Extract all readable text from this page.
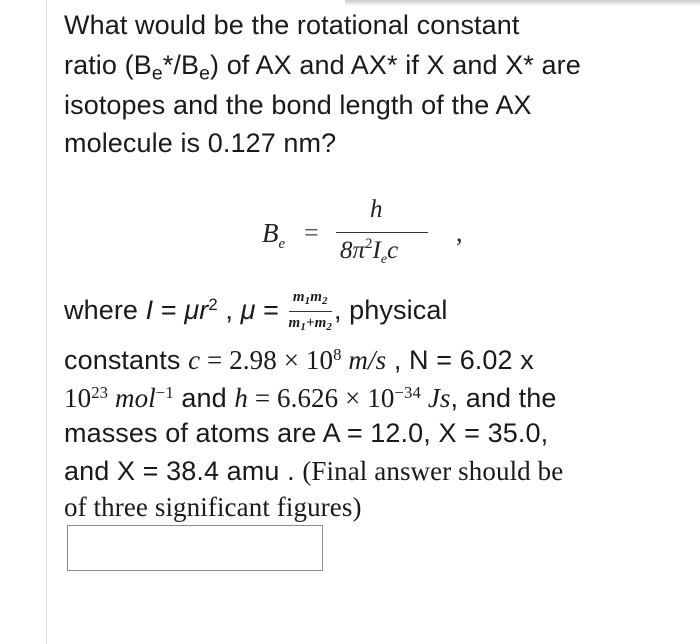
What would be the rotational constant
ratio $(B_e*/B_e)$ of AX and AX* if X and X* are
isotopes and the bond length of the AX
molecule is 0.127 nm?
$B_e$ =
h
$8\pi^2I_ec$
,
where $I = \mu r^2$ , $\mu = \frac{m_1m_2}{m_1+m_2}$ , physical
constants $c = 2.98 \times 10^8$ m/s , N = 6.02 x
$10^{23}$ mol$^{-1}$ and $h = 6.626 \times 10^{-34}$ Js, and the
masses of atoms are A = 12.0, X = 35.0,
and X = 38.4 amu . (Final answer should be
of three significant figures)
